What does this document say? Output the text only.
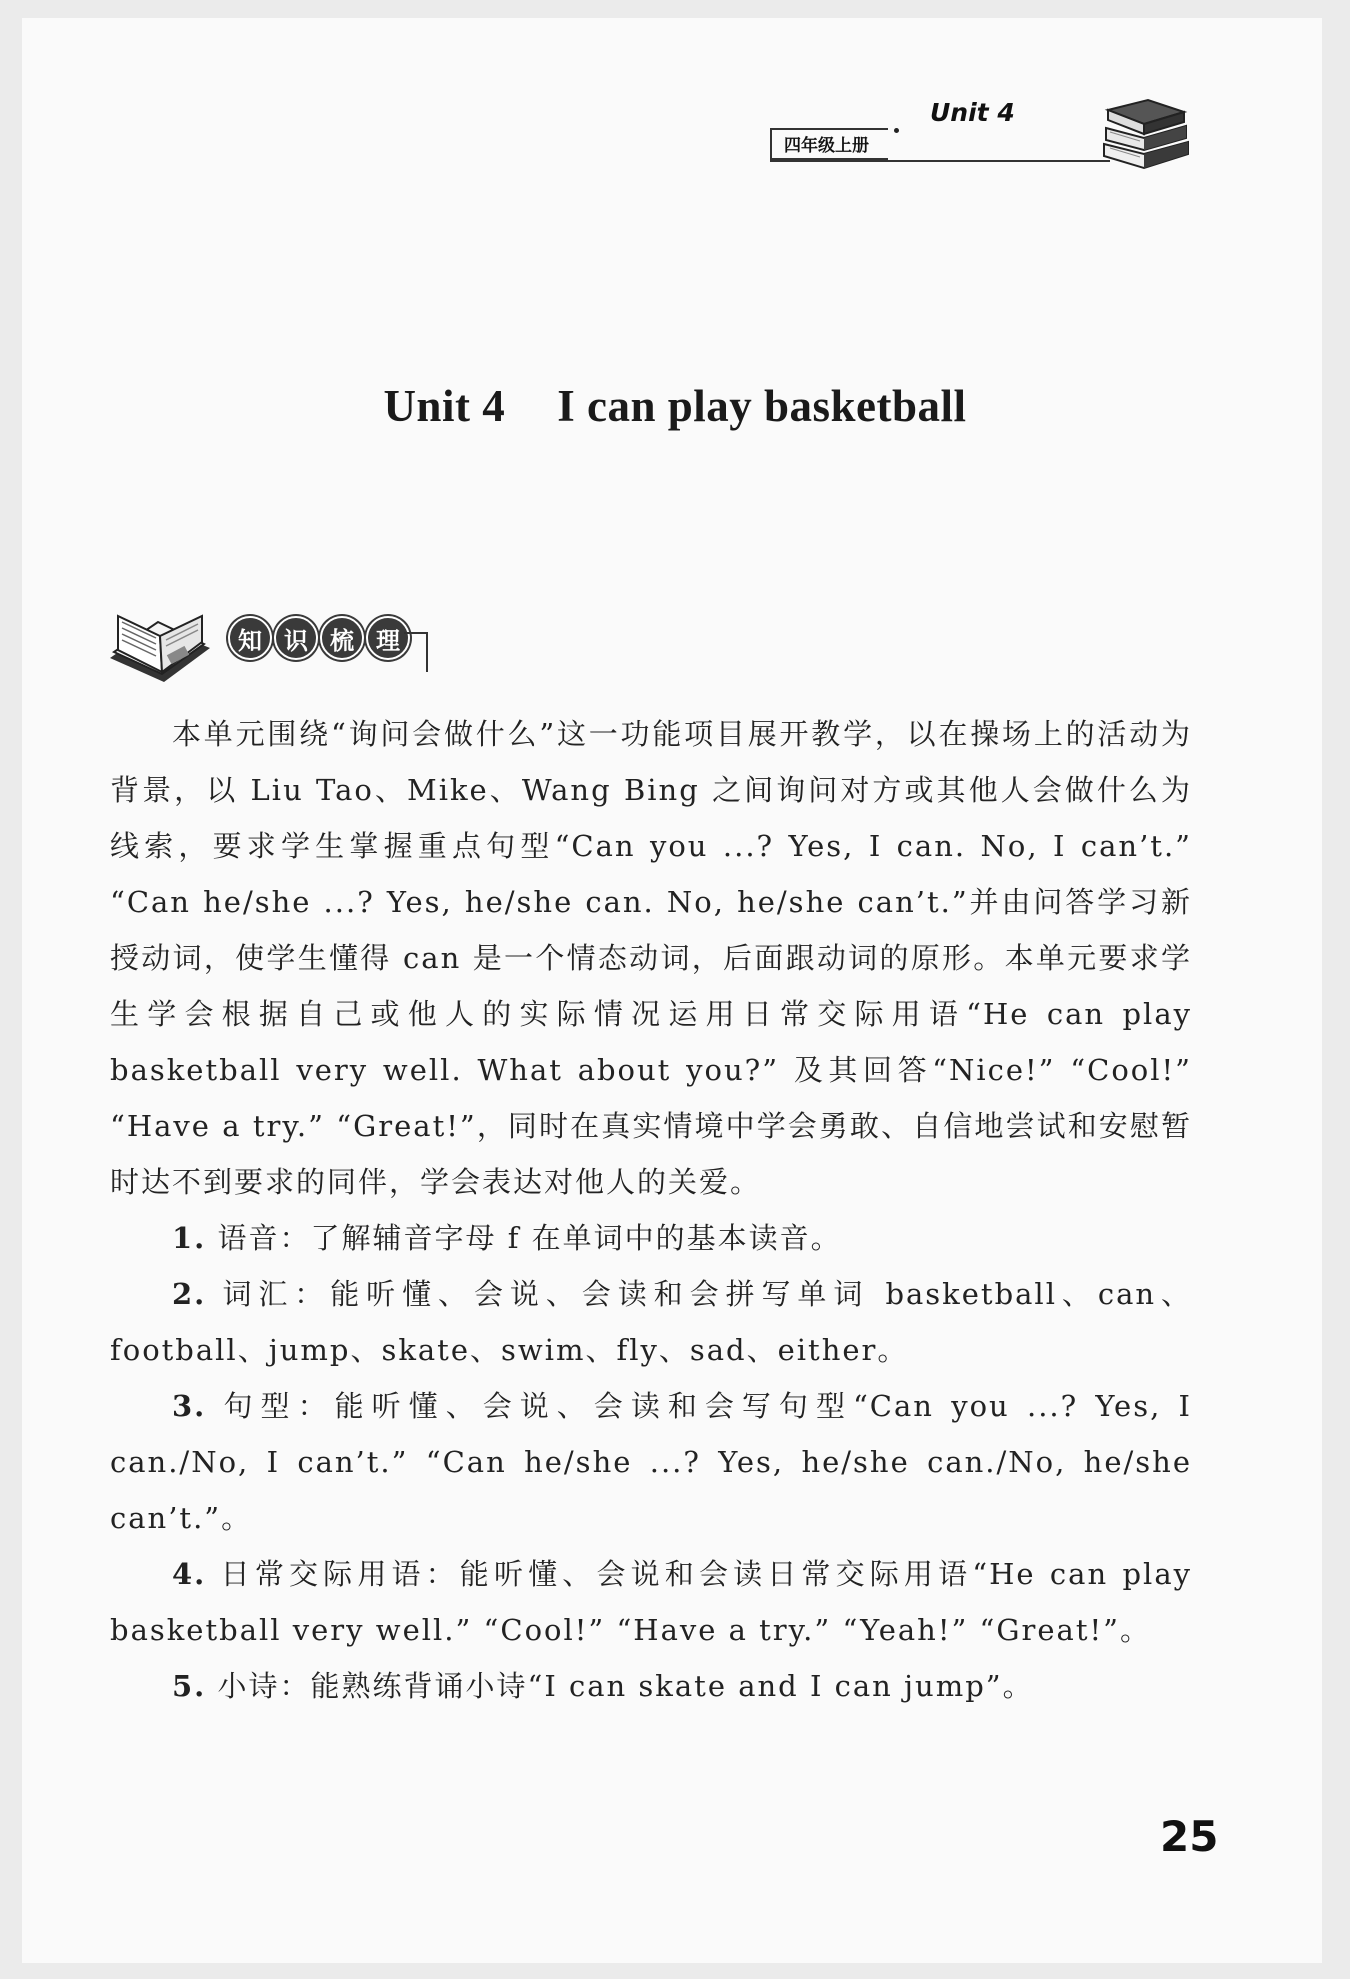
四年级上册
Unit 4
Unit 4 I can play basketball
知 识 梳 理

本单元围绕“询问会做什么”这一功能项目展开教学，以在操场上的活动为背景，以 Liu Tao、Mike、Wang Bing 之间询问对方或其他人会做什么为线索，要求学生掌握重点句型“Can you ...? Yes, I can. No, I can’t.” “Can he/she ...? Yes, he/she can. No, he/she can’t.”并由问答学习新授动词，使学生懂得 can 是一个情态动词，后面跟动词的原形。本单元要求学生学会根据自己或他人的实际情况运用日常交际用语“He can play basketball very well. What about you?” 及其回答“Nice!” “Cool!” “Have a try.” “Great!”，同时在真实情境中学会勇敢、自信地尝试和安慰暂时达不到要求的同伴，学会表达对他人的关爱。

1. 语音：了解辅音字母 f 在单词中的基本读音。

2. 词汇：能听懂、会说、会读和会拼写单词 basketball、can、football、jump、skate、swim、fly、sad、either。

3. 句型：能听懂、会说、会读和会写句型“Can you ...? Yes, I can./No, I can’t.” “Can he/she ...? Yes, he/she can./No, he/she can’t.”。

4. 日常交际用语：能听懂、会说和会读日常交际用语“He can play basketball very well.” “Cool!” “Have a try.” “Yeah!” “Great!”。

5. 小诗：能熟练背诵小诗“I can skate and I can jump”。

25
